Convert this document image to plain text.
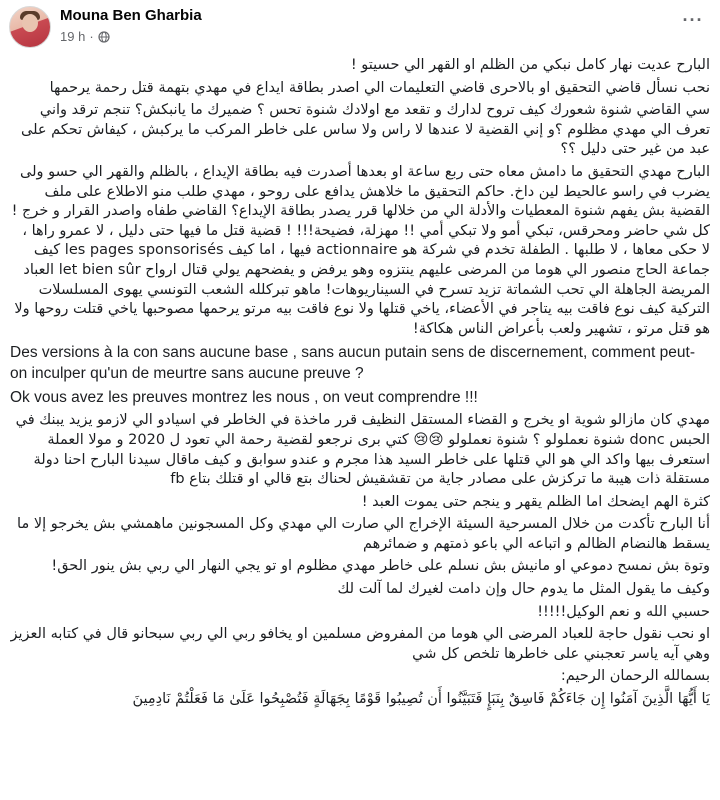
Mouna Ben Gharbia
19 h ·
···

البارح عديت نهار كامل نبكي من الظلم او القهر الي حسيتو !

نحب نسأل قاضي التحقيق او بالاحرى قاضي التعليمات الي اصدر بطاقة ايداع في مهدي بتهمة قتل رحمة يرحمها

سي القاضي شنوة شعورك كيف تروح لدارك و تقعد مع اولادك شنوة تحس ؟ ضميرك ما يانبكش؟ تنجم ترقد واني تعرف الي مهدي مظلوم ؟و إني القضية لا عندها لا راس ولا ساس على خاطر المركب ما يركبش ، كيفاش تحكم على عبد من غير حتى دليل ؟؟

البارح مهدي التحقيق ما دامش معاه حتى ربع ساعة او بعدها أصدرت فيه بطاقة الإيداع ، بالظلم والقهر الي حسو ولى يضرب في راسو عالحيط لين داخ. حاكم التحقيق ما خلاهش يدافع على روحو ، مهدي طلب منو الاطلاع على ملف القضية بش يفهم شنوة المعطيات والأدلة الي من خلالها قرر يصدر بطاقة الإيداع؟ القاضي طفاه واصدر القرار و خرج ! كل شي حاضر ومحرقس، تبكي أمو ولا تبكي أمي !! مهزلة، فضيحة!!! ! قضية قتل ما فيها حتى دليل ، لا عمرو راها ، لا حكى معاها ، لا طلبها . الطفلة تخدم في شركة هو actionnaire فيها ، اما كيف les pages sponsorisés كيف جماعة الحاج منصور الي هوما من المرضى عليهم ينتزوه وهو يرفض و يفضحهم يولي قتال ارواح let bien sûr العباد المريضة الجاهلة الي تحب الشماتة تزيد تسرح في السيناريوهات! ماهو تبركلله الشعب التونسي يهوى المسلسلات التركية كيف نوع فاقت بيه يتاجر في الأعضاء، ياخي قتلها ولا نوع فاقت بيه مرتو يرحمها مصوحبها ياخي قتلت روحها ولا هو قتل مرتو ، تشهير ولعب بأعراض الناس هكاكة!

Des versions à la con sans aucune base , sans aucun putain sens de discernement, comment peut-on inculper qu'un de meurtre sans aucune preuve ?

Ok vous avez les preuves montrez les nous , on veut comprendre !!!

مهدي كان مازالو شوية او يخرج و القضاء المستقل النظيف قرر ماخذة في الخاطر في اسيادو الي لازمو يزيد يبنك في الحبس donc شنوة نعملولو ؟ شنوة نعملولو 😢😢 كتي برى نرجعو لقضية رحمة الي تعود ل 2020 و مولا العملة استعرف بيها واكد الي هو الي قتلها على خاطر السيد هذا مجرم و عندو سوابق و كيف ماقال سيدنا البارح احنا دولة مستقلة ذات هيبة ما تركزش على مصادر جاية من تقشقيش لحناك بتع قالي او قتلك بتاع fb

كثرة الهم ايضحك اما الظلم يقهر و ينجم حتى يموت العبد !

أنا البارح تأكدت من خلال المسرحية السيئة الإخراج الي صارت الي مهدي وكل المسجونين ماهمشي بش يخرجو إلا ما يسقط هالنضام الظالم و اتباعه الي باعو ذمتهم و ضمائرهم

وتوة بش نمسح دموعي او مانيش بش نسلم على خاطر مهدي مظلوم او تو يجي النهار الي ربي بش ينور الحق!

وكيف ما يقول المثل ما يدوم حال وإن دامت لغيرك لما آلت لك

حسبي الله و نعم الوكيل!!!!!

او نحب نقول حاجة للعباد المرضى الي هوما من المفروض مسلمين او يخافو ربي الي ربي سبحانو قال في كتابه العزيز وهي آيه ياسر تعجبني على خاطرها تلخص كل شي

بسمالله الرحمان الرحيم:

يَا أَيُّهَا الَّذِينَ آمَنُوا إِن جَاءَكُمْ فَاسِقٌ بِنَبَإٍ فَتَبَيَّنُوا أَن تُصِيبُوا قَوْمًا بِجَهَالَةٍ فَتُصْبِحُوا عَلَىٰ مَا فَعَلْتُمْ نَادِمِينَ
